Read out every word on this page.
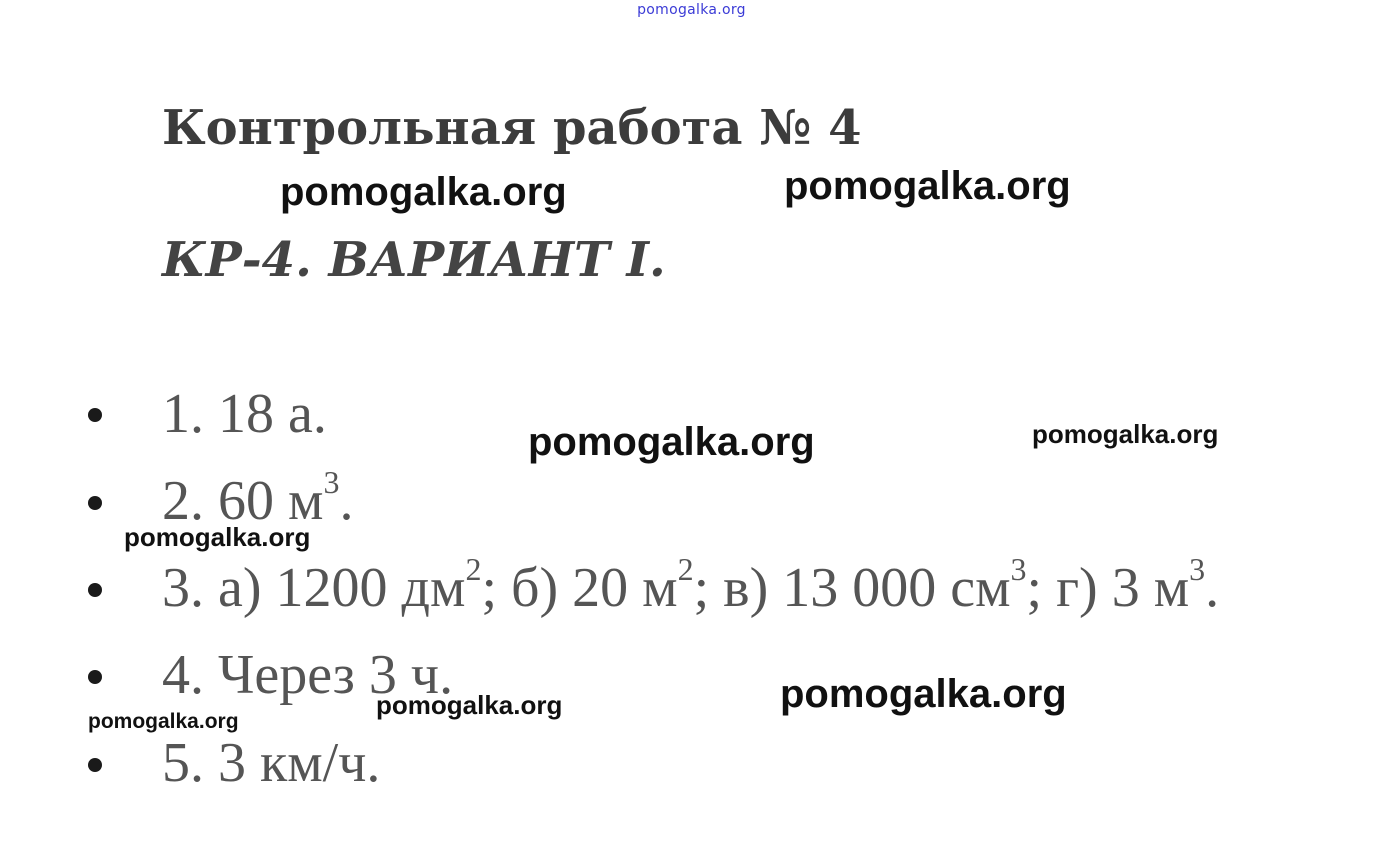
pomogalka.org
Контрольная работа № 4
КР-4. ВАРИАНТ I.
1. 18 а.
2. 60 $м^3$.
3. а) 1200 $дм^2$; б) 20 $м^2$; в) 13 000 $см^3$; г) 3 $м^3$.
4. Через 3 ч.
5. 3 км/ч.
pomogalka.org	pomogalka.org
pomogalka.org	pomogalka.org
pomogalka.org
pomogalka.org
pomogalka.org
pomogalka.org
